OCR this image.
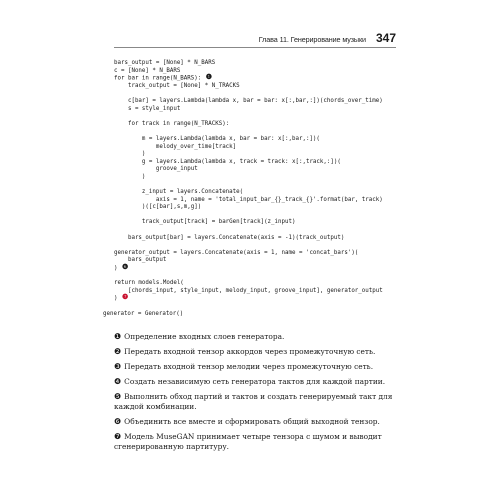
Глава 11. Генерирование музыки 347
bars_output = [None] * N_BARS
c = [None] * N_BARS
for bar in range(N_BARS): ❶
track_output = [None] * N_TRACKS
c[bar] = layers.Lambda(lambda x, bar = bar: x[:,bar,:])(chords_over_time)
s = style_input
for track in range(N_TRACKS):
m = layers.Lambda(lambda x, bar = bar: x[:,bar,:])(
melody_over_time[track]
)
g = layers.Lambda(lambda x, track = track: x[:,track,:])(
groove_input
)
z_input = layers.Concatenate(
axis = 1, name = 'total_input_bar_{}_track_{}'.format(bar, track)
)([c[bar],s,m,g])
track_output[track] = barGen[track](z_input)
bars_output[bar] = layers.Concatenate(axis = -1)(track_output)
generator_output = layers.Concatenate(axis = 1, name = 'concat_bars')(
bars_output
) ❻
return models.Model(
[chords_input, style_input, melody_input, groove_input], generator_output
) ❼
generator = Generator()
❶ Определение входных слоев генератора.
❷ Передать входной тензор аккордов через промежуточную сеть.
❸ Передать входной тензор мелодии через промежуточную сеть.
❹ Создать независимую сеть генератора тактов для каждой партии.
❺ Выполнить обход партий и тактов и создать генерируемый такт для каждой комбинации.
❻ Объединить все вместе и сформировать общий выходной тензор.
❼ Модель MuseGAN принимает четыре тензора с шумом и выводит сгенерированную партитуру.
